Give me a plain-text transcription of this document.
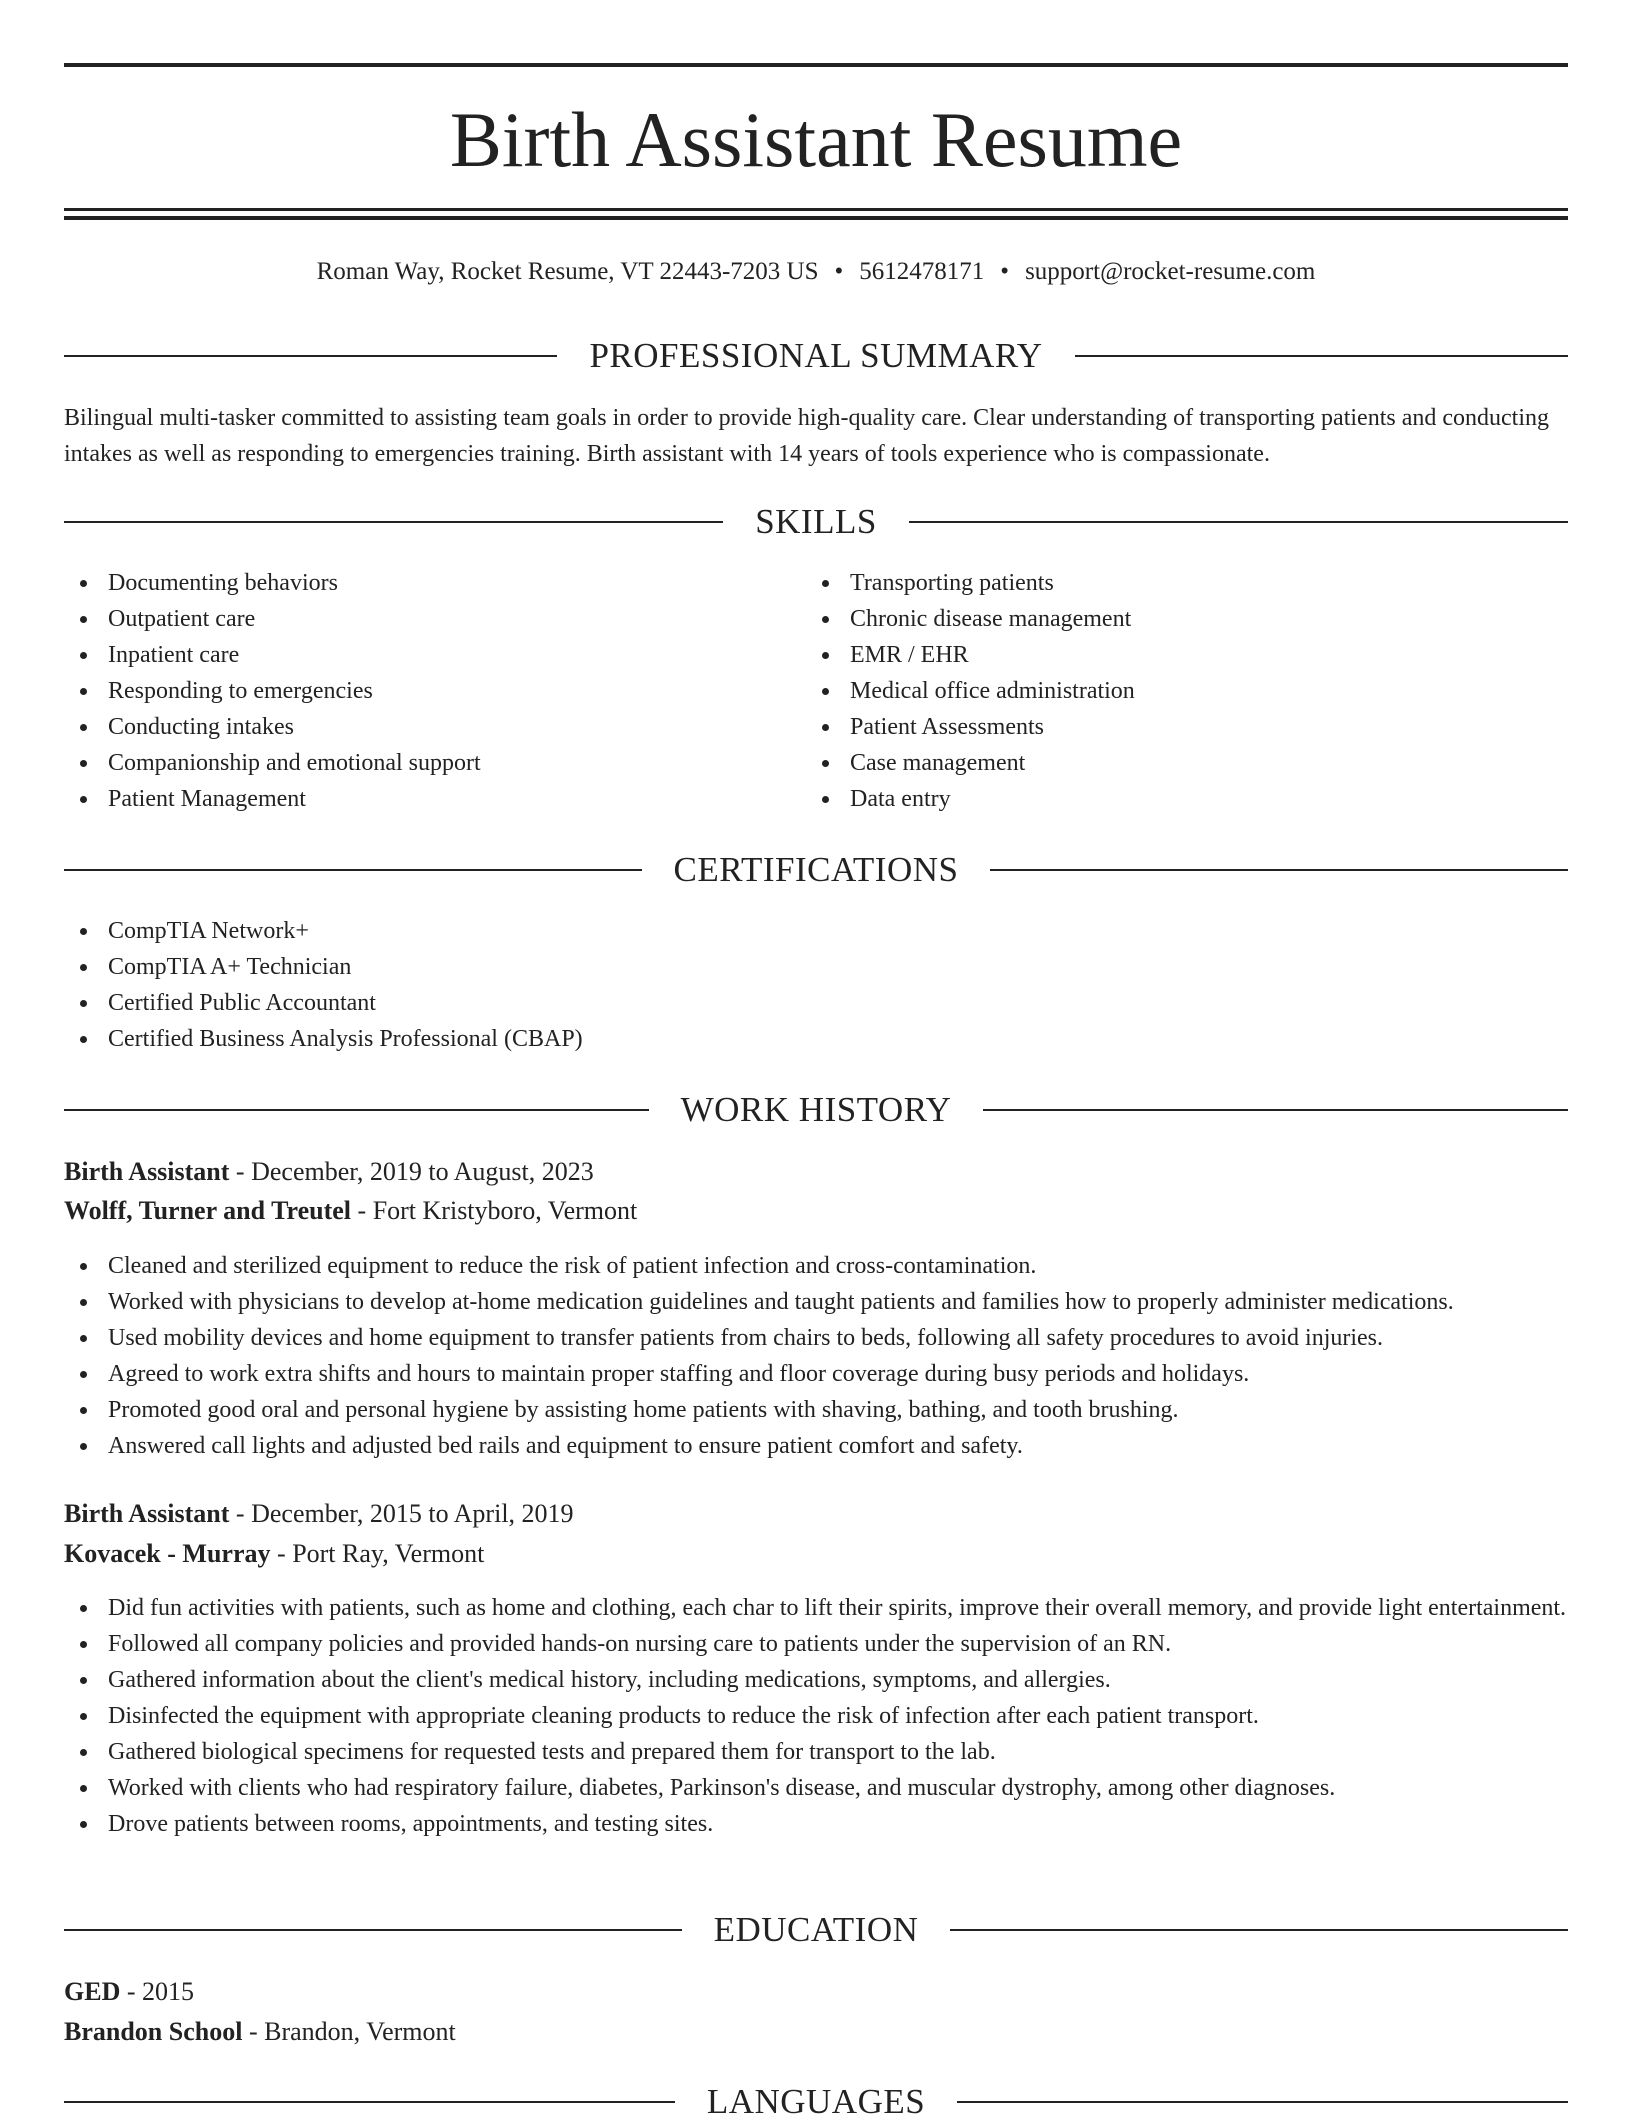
Birth Assistant Resume
Roman Way, Rocket Resume, VT 22443-7203 US • 5612478171 • support@rocket-resume.com
PROFESSIONAL SUMMARY
Bilingual multi-tasker committed to assisting team goals in order to provide high-quality care. Clear understanding of transporting patients and conducting intakes as well as responding to emergencies training. Birth assistant with 14 years of tools experience who is compassionate.
SKILLS
Documenting behaviors
Outpatient care
Inpatient care
Responding to emergencies
Conducting intakes
Companionship and emotional support
Patient Management
Transporting patients
Chronic disease management
EMR / EHR
Medical office administration
Patient Assessments
Case management
Data entry
CERTIFICATIONS
CompTIA Network+
CompTIA A+ Technician
Certified Public Accountant
Certified Business Analysis Professional (CBAP)
WORK HISTORY
Birth Assistant - December, 2019 to August, 2023
Wolff, Turner and Treutel - Fort Kristyboro, Vermont
Cleaned and sterilized equipment to reduce the risk of patient infection and cross-contamination.
Worked with physicians to develop at-home medication guidelines and taught patients and families how to properly administer medications.
Used mobility devices and home equipment to transfer patients from chairs to beds, following all safety procedures to avoid injuries.
Agreed to work extra shifts and hours to maintain proper staffing and floor coverage during busy periods and holidays.
Promoted good oral and personal hygiene by assisting home patients with shaving, bathing, and tooth brushing.
Answered call lights and adjusted bed rails and equipment to ensure patient comfort and safety.
Birth Assistant - December, 2015 to April, 2019
Kovacek - Murray - Port Ray, Vermont
Did fun activities with patients, such as home and clothing, each char to lift their spirits, improve their overall memory, and provide light entertainment.
Followed all company policies and provided hands-on nursing care to patients under the supervision of an RN.
Gathered information about the client's medical history, including medications, symptoms, and allergies.
Disinfected the equipment with appropriate cleaning products to reduce the risk of infection after each patient transport.
Gathered biological specimens for requested tests and prepared them for transport to the lab.
Worked with clients who had respiratory failure, diabetes, Parkinson's disease, and muscular dystrophy, among other diagnoses.
Drove patients between rooms, appointments, and testing sites.
EDUCATION
GED - 2015
Brandon School - Brandon, Vermont
LANGUAGES
